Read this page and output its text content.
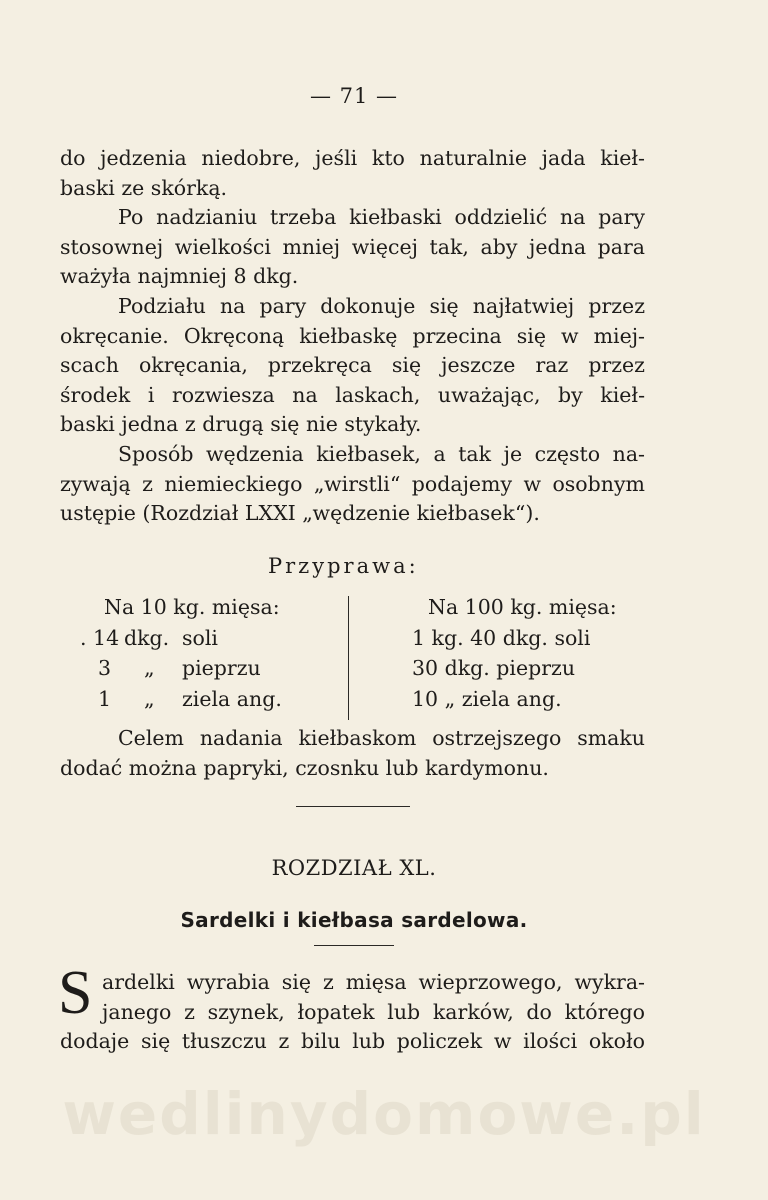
— 71 —
do jedzenia niedobre, jeśli kto naturalnie jada kieł-
baski ze skórką.
Po nadzianiu trzeba kiełbaski oddzielić na pary
stosownej wielkości mniej więcej tak, aby jedna para
ważyła najmniej 8 dkg.
Podziału na pary dokonuje się najłatwiej przez
okręcanie. Okręconą kiełbaskę przecina się w miej-
scach okręcania, przekręca się jeszcze raz przez
środek i rozwiesza na laskach, uważając, by kieł-
baski jedna z drugą się nie stykały.
Sposób wędzenia kiełbasek, a tak je często na-
zywają z niemieckiego „wirstli“ podajemy w osobnym
ustępie (Rozdział LXXI „wędzenie kiełbasek“).
Przyprawa:
Na 10 kg. mięsa:
. 14 dkg. soli
3 „ pieprzu
1 „ ziela ang.
Na 100 kg. mięsa:
1 kg. 40 dkg. soli
30 dkg. pieprzu
10 „ ziela ang.
Celem nadania kiełbaskom ostrzejszego smaku
dodać można papryki, czosnku lub kardymonu.
ROZDZIAŁ XL.
Sardelki i kiełbasa sardelowa.
S ardelki wyrabia się z mięsa wieprzowego, wykra-
janego z szynek, łopatek lub karków, do którego
dodaje się tłuszczu z bilu lub policzek w ilości około
wedlinydomowe.pl
